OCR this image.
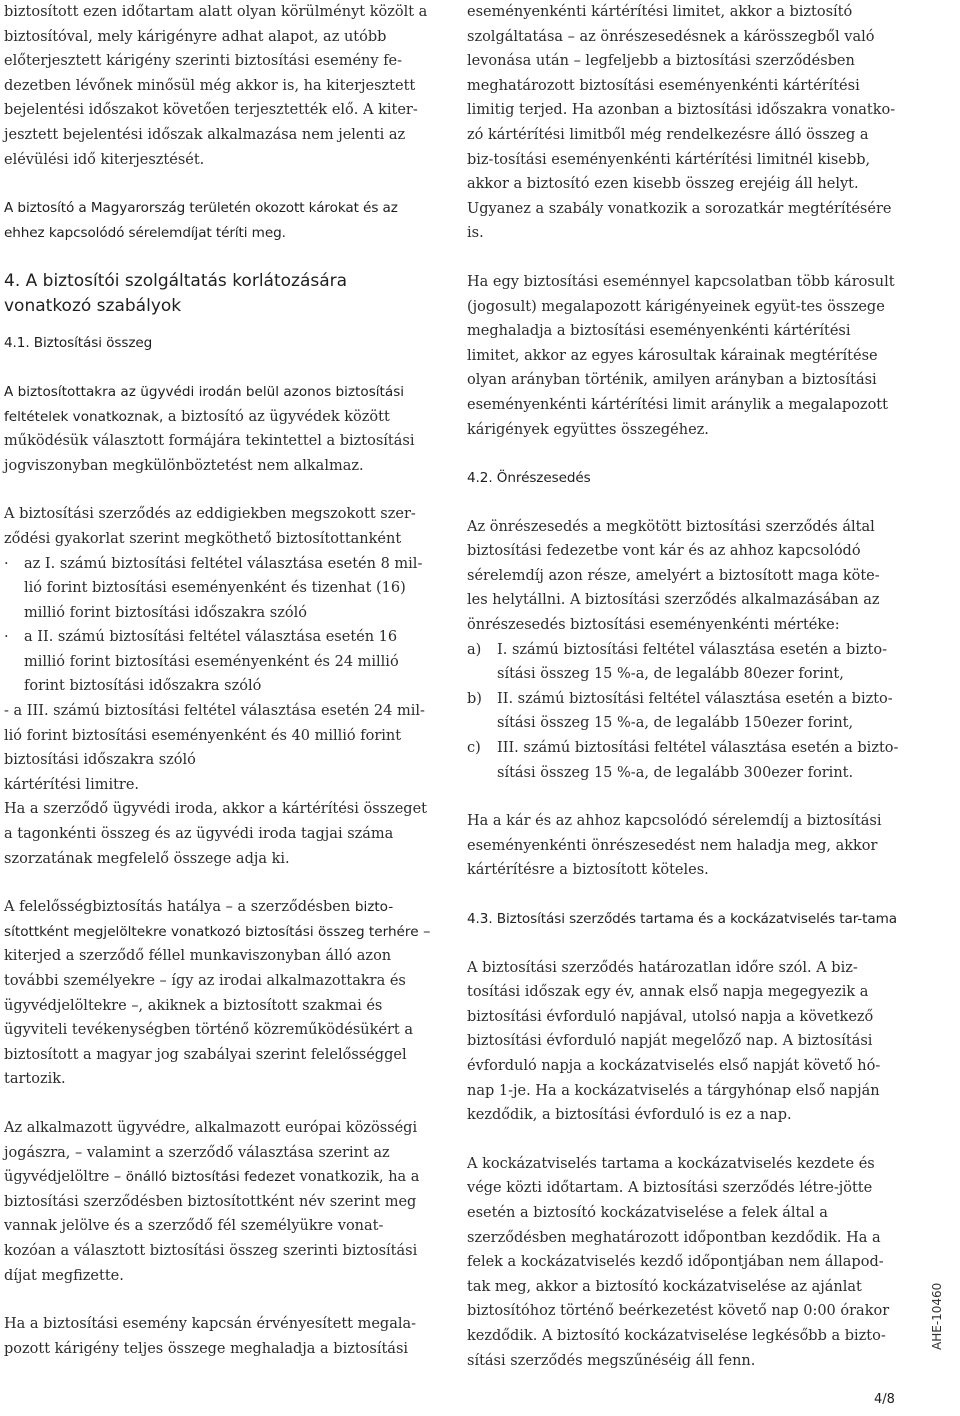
biztosított ezen időtartam alatt olyan körülményt közölt a biztosítóval, mely kárigényre adhat alapot, az utóbb előterjesztett kárigény szerinti biztosítási esemény fe-dezetben lévőnek minősül még akkor is, ha kiterjesztett bejelentési időszakot követően terjesztették elő. A kiter-jesztett bejelentési időszak alkalmazása nem jelenti az elévülési idő kiterjesztését.

A biztosító a Magyarország területén okozott károkat és az ehhez kapcsolódó sérelemdíjat téríti meg.

4. A biztosítói szolgáltatás korlátozására vonatkozó szabályok

4.1. Biztosítási összeg

A biztosítottakra az ügyvédi irodán belül azonos biztosítási feltételek vonatkoznak, a biztosító az ügyvédek között működésük választott formájára tekintettel a biztosítási jogviszonyban megkülönböztetést nem alkalmaz.

A biztosítási szerződés az eddigiekben megszokott szer-ződési gyakorlat szerint megköthető biztosítottanként

·	az I. számú biztosítási feltétel választása esetén 8 mil-lió forint biztosítási eseményenként és tizenhat (16) millió forint biztosítási időszakra szóló
·	a II. számú biztosítási feltétel választása esetén 16 millió forint biztosítási eseményenként és 24 millió forint biztosítási időszakra szóló

- a III. számú biztosítási feltétel választása esetén 24 mil-lió forint biztosítási eseményenként és 40 millió forint biztosítási időszakra szóló

kártérítési limitre.

Ha a szerződő ügyvédi iroda, akkor a kártérítési összeget a tagonkénti összeg és az ügyvédi iroda tagjai száma szorzatának megfelelő összege adja ki.

A felelősségbiztosítás hatálya – a szerződésben bizto-sítottként megjelöltekre vonatkozó biztosítási összeg terhére – kiterjed a szerződő féllel munkaviszonyban álló azon további személyekre – így az irodai alkalmazottakra és ügyvédjelöltekre –, akiknek a biztosított szakmai és ügyviteli tevékenységben történő közreműködésükért a biztosított a magyar jog szabályai szerint felelősséggel tartozik.

Az alkalmazott ügyvédre, alkalmazott európai közösségi jogászra, – valamint a szerződő választása szerint az ügyvédjelöltre – önálló biztosítási fedezet vonatkozik, ha a biztosítási szerződésben biztosítottként név szerint meg vannak jelölve és a szerződő fél személyükre vonat-kozóan a választott biztosítási összeg szerinti biztosítási díjat megfizette.

Ha a biztosítási esemény kapcsán érvényesített megala-pozott kárigény teljes összege meghaladja a biztosítási

eseményenkénti kártérítési limitet, akkor a biztosító szolgáltatása – az önrészesedésnek a kárösszegből való levonása után – legfeljebb a biztosítási szerződésben meghatározott biztosítási eseményenkénti kártérítési limitig terjed. Ha azonban a biztosítási időszakra vonatko-zó kártérítési limitből még rendelkezésre álló összeg a biz-tosítási eseményenkénti kártérítési limitnél kisebb, akkor a biztosító ezen kisebb összeg erejéig áll helyt. Ugyanez a szabály vonatkozik a sorozatkár megtérítésére is.

Ha egy biztosítási eseménnyel kapcsolatban több károsult (jogosult) megalapozott kárigényeinek együt-tes összege meghaladja a biztosítási eseményenkénti kártérítési limitet, akkor az egyes károsultak kárainak megtérítése olyan arányban történik, amilyen arányban a biztosítási eseményenkénti kártérítési limit aránylik a megalapozott kárigények együttes összegéhez.

4.2. Önrészesedés

Az önrészesedés a megkötött biztosítási szerződés által biztosítási fedezetbe vont kár és az ahhoz kapcsolódó sérelemdíj azon része, amelyért a biztosított maga köte-les helytállni. A biztosítási szerződés alkalmazásában az önrészesedés biztosítási eseményenkénti mértéke:

a)	I. számú biztosítási feltétel választása esetén a bizto-sítási összeg 15 %-a, de legalább 80ezer forint,
b)	II. számú biztosítási feltétel választása esetén a bizto-sítási összeg 15 %-a, de legalább 150ezer forint,
c)	III. számú biztosítási feltétel választása esetén a bizto-sítási összeg 15 %-a, de legalább 300ezer forint.

Ha a kár és az ahhoz kapcsolódó sérelemdíj a biztosítási eseményenkénti önrészesedést nem haladja meg, akkor kártérítésre a biztosított köteles.

4.3. Biztosítási szerződés tartama és a kockázatviselés tar-tama

A biztosítási szerződés határozatlan időre szól. A biz-tosítási időszak egy év, annak első napja megegyezik a biztosítási évforduló napjával, utolsó napja a következő biztosítási évforduló napját megelőző nap. A biztosítási évforduló napja a kockázatviselés első napját követő hó-nap 1-je. Ha a kockázatviselés a tárgyhónap első napján kezdődik, a biztosítási évforduló is ez a nap.

A kockázatviselés tartama a kockázatviselés kezdete és vége közti időtartam. A biztosítási szerződés létre-jötte esetén a biztosító kockázatviselése a felek által a szerződésben meghatározott időpontban kezdődik. Ha a felek a kockázatviselés kezdő időpontjában nem állapod-tak meg, akkor a biztosító kockázatviselése az ajánlat biztosítóhoz történő beérkezetést követő nap 0:00 órakor kezdődik. A biztosító kockázatviselése legkésőbb a bizto-sítási szerződés megszűnéséig áll fenn.

AHE-10460
4/8
